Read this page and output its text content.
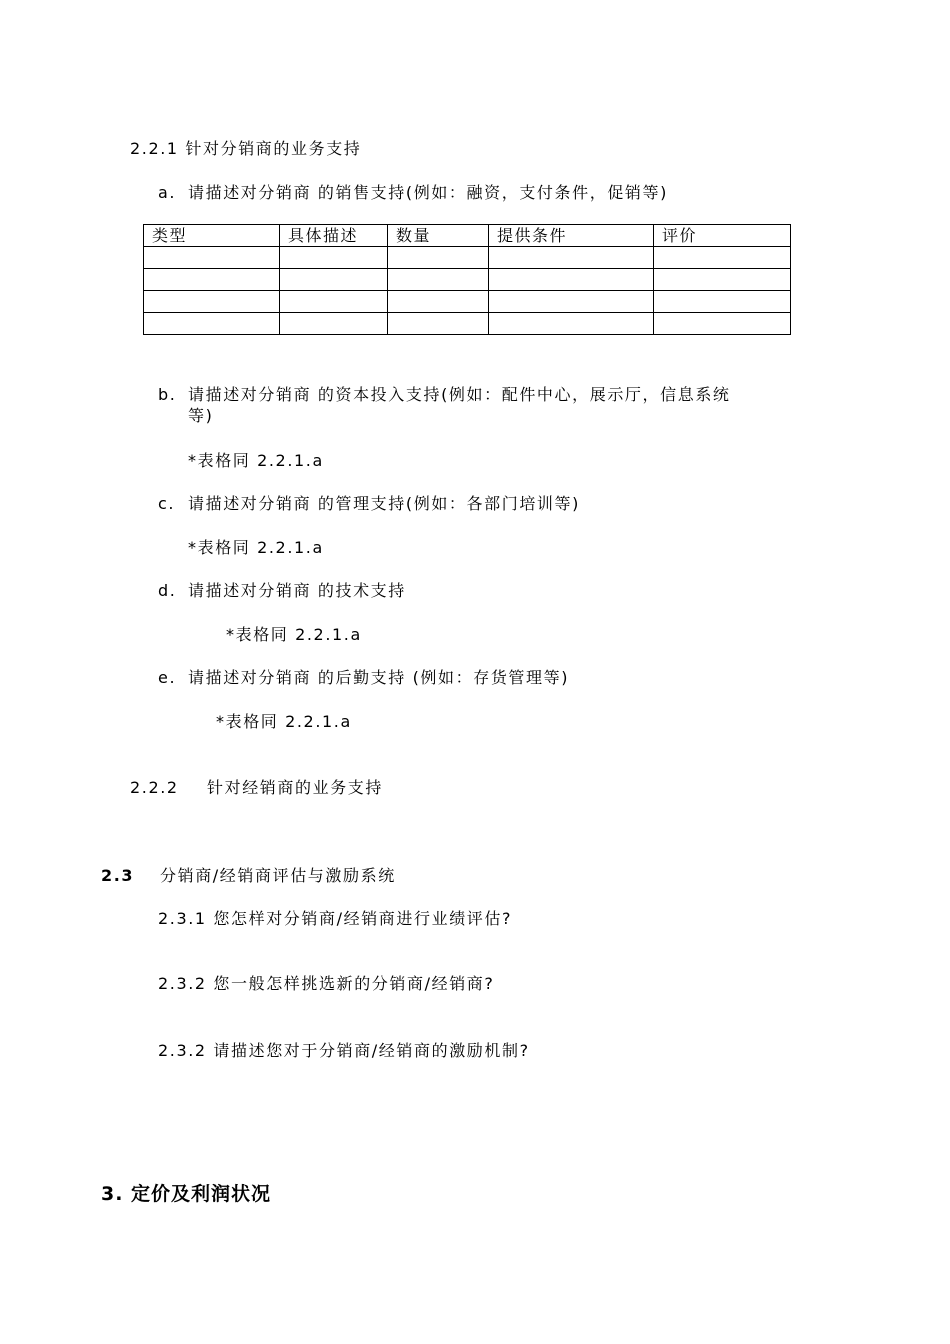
2.2.1 针对分销商的业务支持
a. 请描述对分销商 的销售支持(例如：融资，支付条件，促销等)
类型	具体描述	数量	提供条件	评价

b. 请描述对分销商 的资本投入支持(例如：配件中心，展示厅，信息系统
等)
*表格同 2.2.1.a
c. 请描述对分销商 的管理支持(例如：各部门培训等)
*表格同 2.2.1.a
d. 请描述对分销商 的技术支持
*表格同 2.2.1.a
e. 请描述对分销商 的后勤支持 (例如：存货管理等)
*表格同 2.2.1.a
2.2.2 针对经销商的业务支持
2.3 分销商/经销商评估与激励系统
2.3.1 您怎样对分销商/经销商进行业绩评估?
2.3.2 您一般怎样挑选新的分销商/经销商?
2.3.2 请描述您对于分销商/经销商的激励机制?
3. 定价及利润状况
